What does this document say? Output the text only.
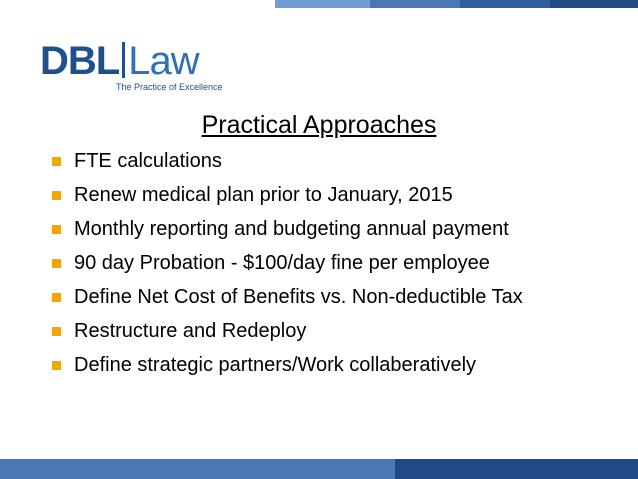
DBL Law
The Practice of Excellence
Practical Approaches
FTE calculations
Renew medical plan prior to January, 2015
Monthly reporting and budgeting annual payment
90 day Probation - $100/day fine per employee
Define Net Cost of Benefits vs. Non-deductible Tax
Restructure and Redeploy
Define strategic partners/Work collaberatively
